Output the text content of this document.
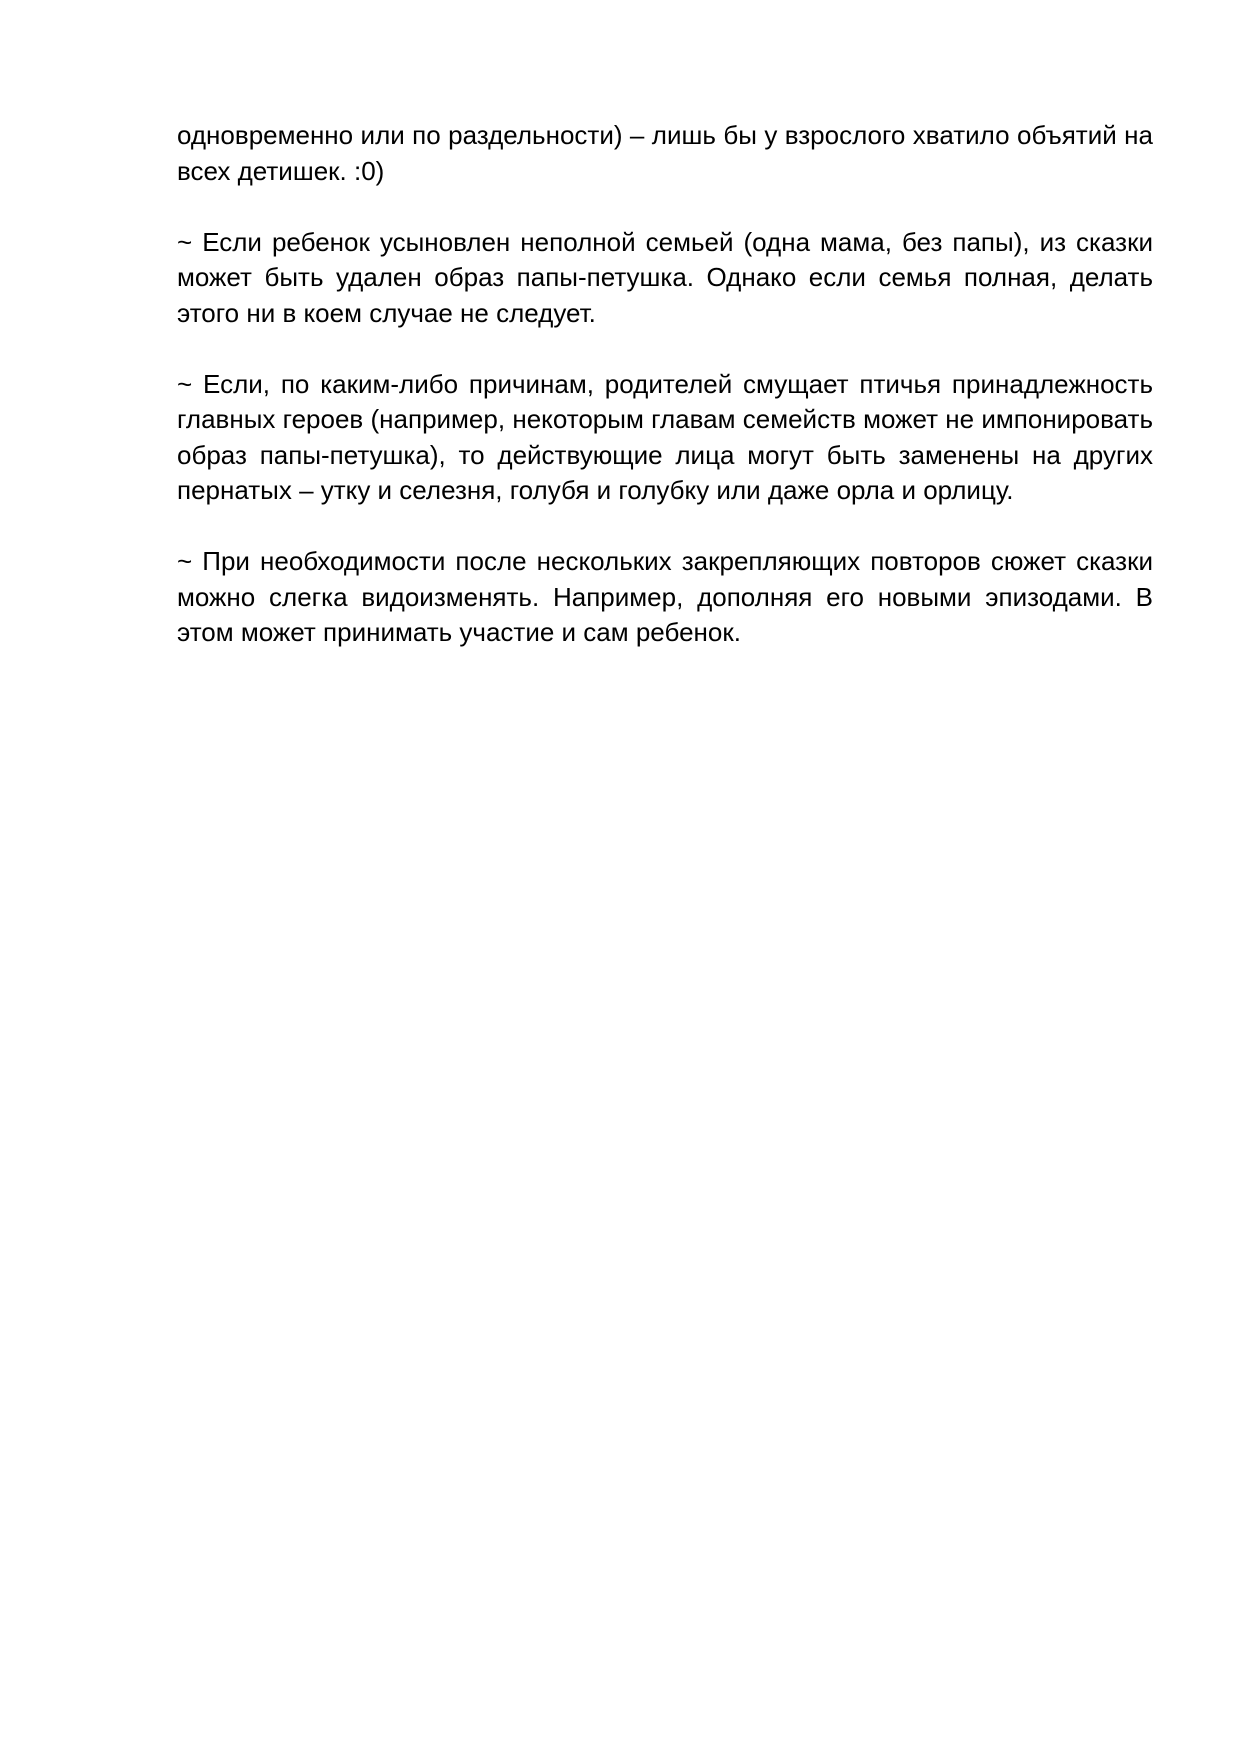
одновременно или по раздельности) – лишь бы у взрослого хватило объятий на всех детишек. :0)

~ Если ребенок усыновлен неполной семьей (одна мама, без папы), из сказки может быть удален образ папы-петушка. Однако если семья полная, делать этого ни в коем случае не следует.

~ Если, по каким-либо причинам, родителей смущает птичья принадлежность главных героев (например, некоторым главам семейств может не импонировать образ папы-петушка), то действующие лица могут быть заменены на других пернатых – утку и селезня, голубя и голубку или даже орла и орлицу.

~ При необходимости после нескольких закрепляющих повторов сюжет сказки можно слегка видоизменять. Например, дополняя его новыми эпизодами. В этом может принимать участие и сам ребенок.
